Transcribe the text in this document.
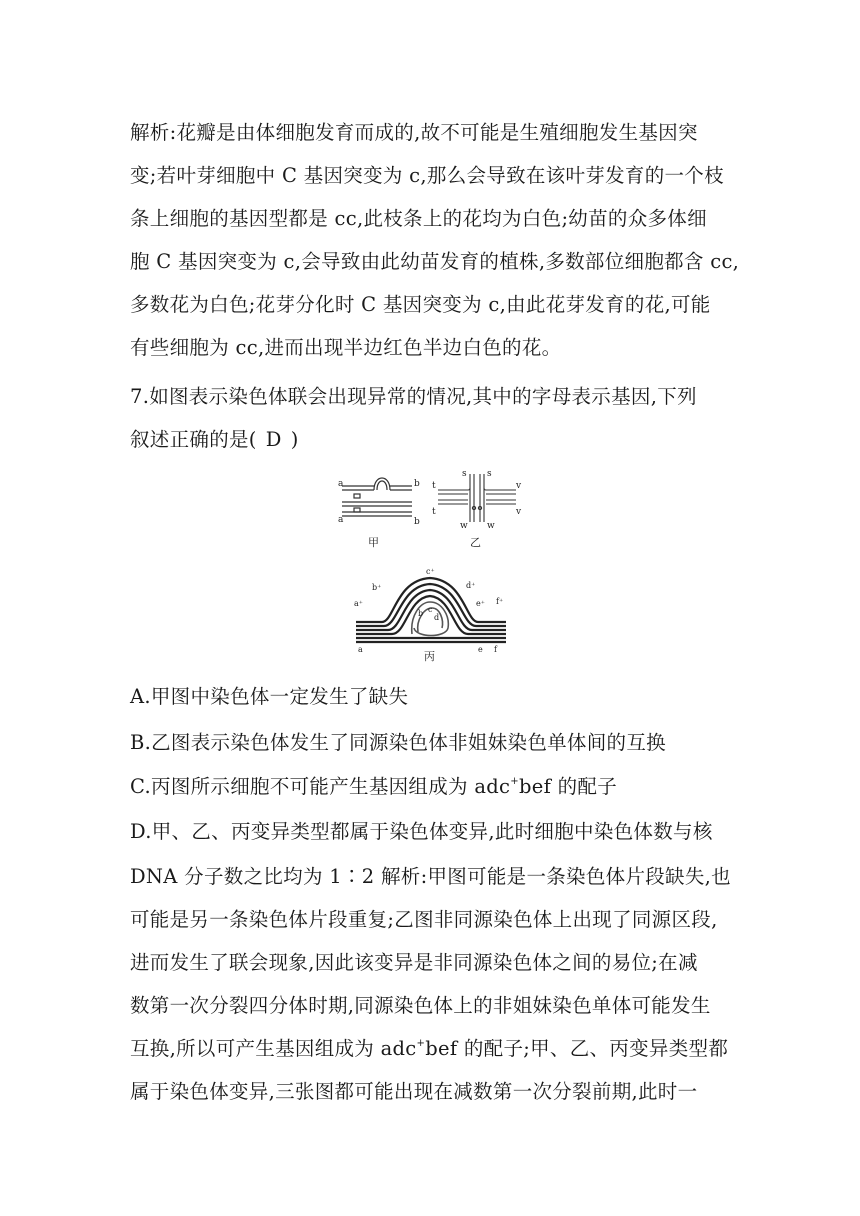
解析:花瓣是由体细胞发育而成的,故不可能是生殖细胞发生基因突
变;若叶芽细胞中 C 基因突变为 c,那么会导致在该叶芽发育的一个枝
条上细胞的基因型都是 cc,此枝条上的花均为白色;幼苗的众多体细
胞 C 基因突变为 c,会导致由此幼苗发育的植株,多数部位细胞都含 cc,
多数花为白色;花芽分化时 C 基因突变为 c,由此花芽发育的花,可能
有些细胞为 cc,进而出现半边红色半边白色的花。
7.如图表示染色体联会出现异常的情况,其中的字母表示基因,下列
叙述正确的是( D )
a
a
b
b
甲
t
t
s s
v
v
w w
乙
c⁺
b⁺	d⁺
a⁺	e⁺ f⁺
b c
d
a	e f
丙
A.甲图中染色体一定发生了缺失
B.乙图表示染色体发生了同源染色体非姐妹染色单体间的互换
C.丙图所示细胞不可能产生基因组成为 adc+bef 的配子
D.甲、乙、丙变异类型都属于染色体变异,此时细胞中染色体数与核
DNA 分子数之比均为 1∶2 解析:甲图可能是一条染色体片段缺失,也
可能是另一条染色体片段重复;乙图非同源染色体上出现了同源区段,
进而发生了联会现象,因此该变异是非同源染色体之间的易位;在减
数第一次分裂四分体时期,同源染色体上的非姐妹染色单体可能发生
互换,所以可产生基因组成为 adc+bef 的配子;甲、乙、丙变异类型都
属于染色体变异,三张图都可能出现在减数第一次分裂前期,此时一
